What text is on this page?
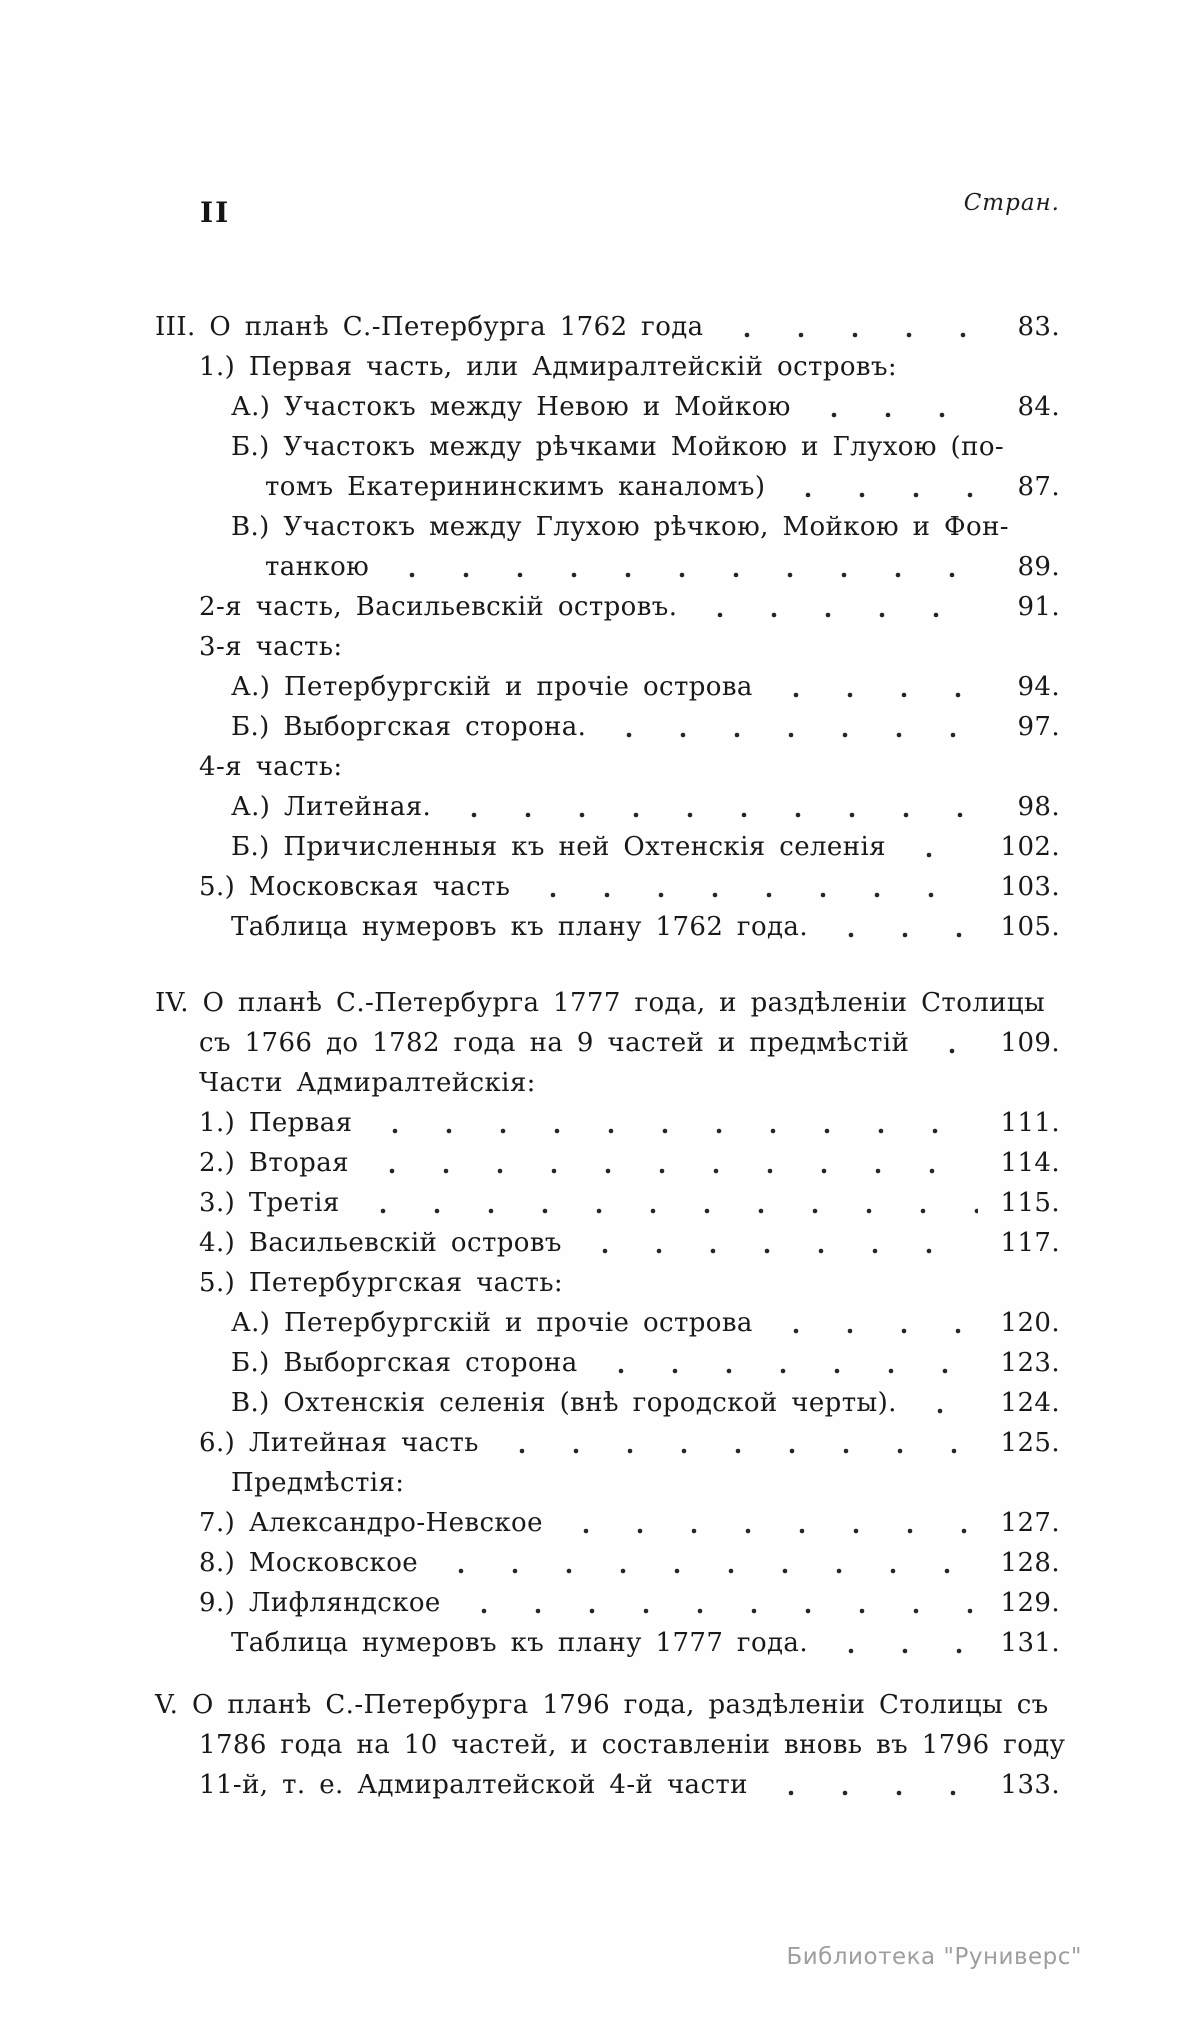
II	Стран.
III. О планѣ С.-Петербурга 1762 года	83.
1.) Первая часть, или Адмиралтейскій островъ:
А.) Участокъ между Невою и Мойкою	84.
Б.) Участокъ между рѣчками Мойкою и Глухою (по-
томъ Екатерининскимъ каналомъ)	87.
В.) Участокъ между Глухою рѣчкою, Мойкою и Фон-
танкою	89.
2-я часть, Васильевскій островъ.	91.
3-я часть:
А.) Петербургскій и прочіе острова	94.
Б.) Выборгская сторона.	97.
4-я часть:
А.) Литейная.	98.
Б.) Причисленныя къ ней Охтенскія селенія	102.
5.) Московская часть	103.
Таблица нумеровъ къ плану 1762 года.	105.
IV. О планѣ С.-Петербурга 1777 года, и раздѣленіи Столицы
съ 1766 до 1782 года на 9 частей и предмѣстій	109.
Части Адмиралтейскія:
1.) Первая	111.
2.) Вторая	114.
3.) Третія	115.
4.) Васильевскій островъ	117.
5.) Петербургская часть:
А.) Петербургскій и прочіе острова	120.
Б.) Выборгская сторона	123.
В.) Охтенскія селенія (внѣ городской черты).	124.
6.) Литейная часть	125.
Предмѣстія:
7.) Александро-Невское	127.
8.) Московское	128.
9.) Лифляндское	129.
Таблица нумеровъ къ плану 1777 года.	131.
V. О планѣ С.-Петербурга 1796 года, раздѣленіи Столицы съ
1786 года на 10 частей, и составленіи вновь въ 1796 году
11-й, т. е. Адмиралтейской 4-й части	133.
Библиотека "Руниверс"
